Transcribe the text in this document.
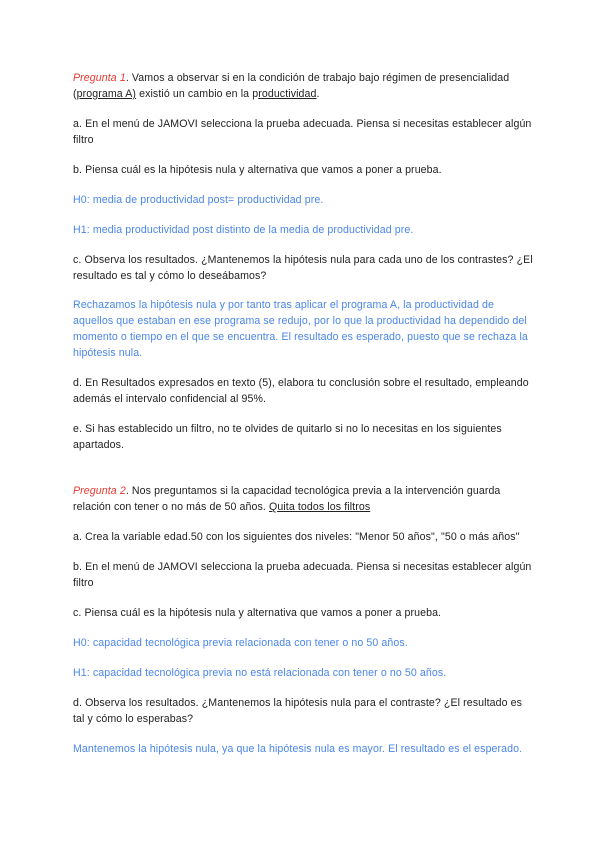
Pregunta 1. Vamos a observar si en la condición de trabajo bajo régimen de presencialidad (programa A) existió un cambio en la productividad.

a. En el menú de JAMOVI selecciona la prueba adecuada. Piensa si necesitas establecer algún filtro

b. Piensa cuál es la hipótesis nula y alternativa que vamos a poner a prueba.

H0: media de productividad post= productividad pre.

H1: media productividad post distinto de la media de productividad pre.

c. Observa los resultados. ¿Mantenemos la hipótesis nula para cada uno de los contrastes? ¿El resultado es tal y cómo lo deseábamos?

Rechazamos la hipótesis nula y por tanto tras aplicar el programa A, la productividad de aquellos que estaban en ese programa se redujo, por lo que la productividad ha dependido del momento o tiempo en el que se encuentra. El resultado es esperado, puesto que se rechaza la hipótesis nula.

d. En Resultados expresados en texto (5), elabora tu conclusión sobre el resultado, empleando además el intervalo confidencial al 95%.

e. Si has establecido un filtro, no te olvides de quitarlo si no lo necesitas en los siguientes apartados.

Pregunta 2. Nos preguntamos si la capacidad tecnológica previa a la intervención guarda relación con tener o no más de 50 años. Quita todos los filtros

a. Crea la variable edad.50 con los siguientes dos niveles: "Menor 50 años", "50 o más años"

b. En el menú de JAMOVI selecciona la prueba adecuada. Piensa si necesitas establecer algún filtro

c. Piensa cuál es la hipótesis nula y alternativa que vamos a poner a prueba.

H0: capacidad tecnológica previa relacionada con tener o no 50 años.

H1: capacidad tecnológica previa no está relacionada con tener o no 50 años.

d. Observa los resultados. ¿Mantenemos la hipótesis nula para el contraste? ¿El resultado es tal y cómo lo esperabas?

Mantenemos la hipótesis nula, ya que la hipótesis nula es mayor. El resultado es el esperado.
